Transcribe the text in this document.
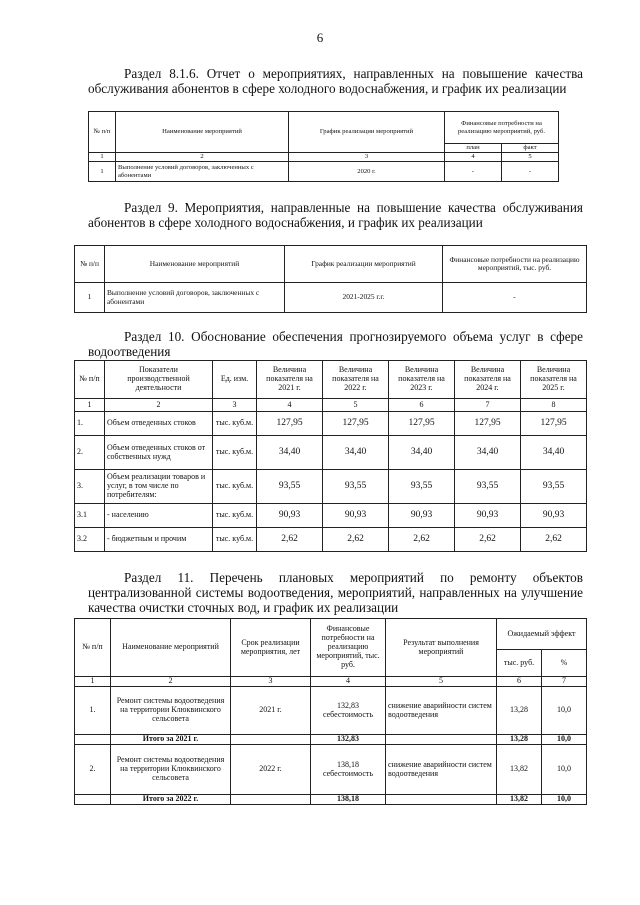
6
Раздел 8.1.6. Отчет о мероприятиях, направленных на повышение качества обслуживания абонентов в сфере холодного водоснабжения, и график их реализации
№ п/п	Наименование мероприятий	График реализации мероприятий	Финансовые потребности на реализацию мероприятий, руб.	
			план	факт
1	2	3	4	5
1	Выполнение условий договоров, заключенных с абонентами	2020 г.	-	-
Раздел 9. Мероприятия, направленные на повышение качества обслуживания абонентов в сфере холодного водоснабжения, и график их реализации
№ п/п	Наименование мероприятий	График реализации мероприятий	Финансовые потребности на реализацию мероприятий, тыс. руб.
1	Выполнение условий договоров, заключенных с абонентами	2021-2025 г.г.	-
Раздел 10. Обоснование обеспечения прогнозируемого объема услуг в сфере водоотведения
№ п/п	Показатели производственной деятельности	Ед. изм.	Величина показателя на 2021 г.	Величина показателя на 2022 г.	Величина показателя на 2023 г.	Величина показателя на 2024 г.	Величина показателя на 2025 г.
1	2	3	4	5	6	7	8
1.	Объем отведенных стоков	тыс. куб.м.	127,95	127,95	127,95	127,95	127,95
2.	Объем отведенных стоков от собственных нужд	тыс. куб.м.	34,40	34,40	34,40	34,40	34,40
3.	Объем реализации товаров и услуг, в том числе по потребителям:	тыс. куб.м.	93,55	93,55	93,55	93,55	93,55
3.1	- населению	тыс. куб.м.	90,93	90,93	90,93	90,93	90,93
3.2	- бюджетным и прочим	тыс. куб.м.	2,62	2,62	2,62	2,62	2,62
Раздел 11. Перечень плановых мероприятий по ремонту объектов централизованной системы водоотведения, мероприятий, направленных на улучшение качества очистки сточных вод, и график их реализации
№ п/п	Наименование мероприятий	Срок реализации мероприятия, лет	Финансовые потребности на реализацию мероприятий, тыс. руб.	Результат выполнения мероприятий	Ожидаемый эффект	
					тыс. руб.	%
1	2	3	4	5	6	7
1.	Ремонт системы водоотведения на территории Клюквинского сельсовета	2021 г.	132,83 себестоимость	снижение аварийности систем водоотведения	13,28	10,0
	Итого за 2021 г.		132,83		13,28	10,0
2.	Ремонт системы водоотведения на территории Клюквинского сельсовета	2022 г.	138,18 себестоимость	снижение аварийности систем водоотведения	13,82	10,0
	Итого за 2022 г.		138,18		13,82	10,0
